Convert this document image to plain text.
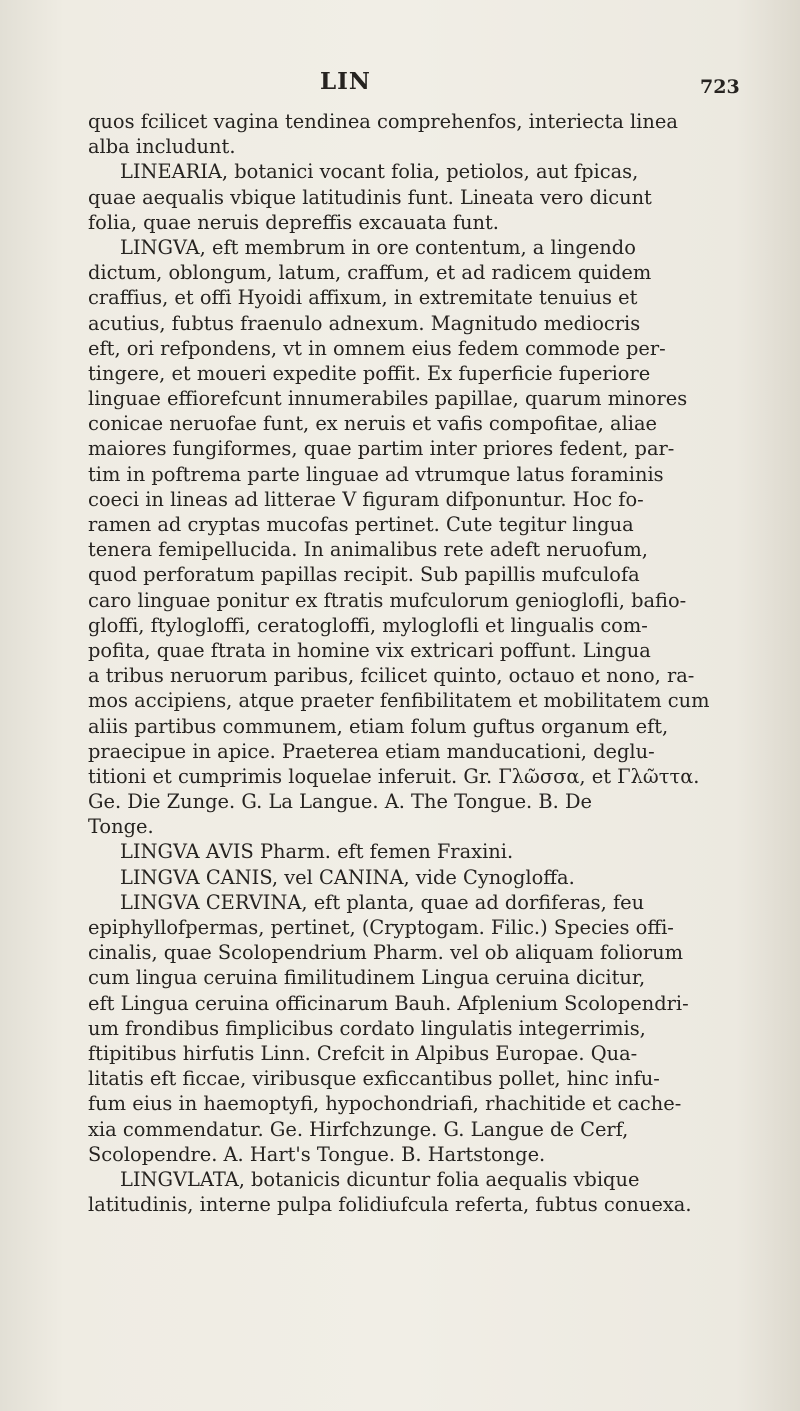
LIN	723
quos fcilicet vagina tendinea comprehenfos, interiecta linea
alba includunt.
LINEARIA, botanici vocant folia, petiolos, aut fpicas,
quae aequalis vbique latitudinis funt. Lineata vero dicunt
folia, quae neruis depreffis excauata funt.
LINGVA, eft membrum in ore contentum, a lingendo
dictum, oblongum, latum, craffum, et ad radicem quidem
craffius, et offi Hyoidi affixum, in extremitate tenuius et
acutius, fubtus fraenulo adnexum. Magnitudo mediocris
eft, ori refpondens, vt in omnem eius fedem commode per-
tingere, et moueri expedite poffit. Ex fuperficie fuperiore
linguae effiorefcunt innumerabiles papillae, quarum minores
conicae neruofae funt, ex neruis et vafis compofitae, aliae
maiores fungiformes, quae partim inter priores fedent, par-
tim in poftrema parte linguae ad vtrumque latus foraminis
coeci in lineas ad litterae V figuram difponuntur. Hoc fo-
ramen ad cryptas mucofas pertinet. Cute tegitur lingua
tenera femipellucida. In animalibus rete adeft neruofum,
quod perforatum papillas recipit. Sub papillis mufculofa
caro linguae ponitur ex ftratis mufculorum genioglofli, bafio-
gloffi, ftylogloffi, ceratogloffi, myloglofli et lingualis com-
pofita, quae ftrata in homine vix extricari poffunt. Lingua
a tribus neruorum paribus, fcilicet quinto, octauo et nono, ra-
mos accipiens, atque praeter fenfibilitatem et mobilitatem cum
aliis partibus communem, etiam folum guftus organum eft,
praecipue in apice. Praeterea etiam manducationi, deglu-
titioni et cumprimis loquelae inferuit. Gr. Γλῶσσα, et Γλῶττα.
Ge. Die Zunge. G. La Langue. A. The Tongue. B. De
Tonge.
LINGVA AVIS Pharm. eft femen Fraxini.
LINGVA CANIS, vel CANINA, vide Cynogloffa.
LINGVA CERVINA, eft planta, quae ad dorfiferas, feu
epiphyllofpermas, pertinet, (Cryptogam. Filic.) Species offi-
cinalis, quae Scolopendrium Pharm. vel ob aliquam foliorum
cum lingua ceruina fimilitudinem Lingua ceruina dicitur,
eft Lingua ceruina officinarum Bauh. Afplenium Scolopendri-
um frondibus fimplicibus cordato lingulatis integerrimis,
ftipitibus hirfutis Linn. Crefcit in Alpibus Europae. Qua-
litatis eft ficcae, viribusque exficcantibus pollet, hinc infu-
fum eius in haemoptyfi, hypochondriafi, rhachitide et cache-
xia commendatur. Ge. Hirfchzunge. G. Langue de Cerf,
Scolopendre. A. Hart's Tongue. B. Hartstonge.
LINGVLATA, botanicis dicuntur folia aequalis vbique
latitudinis, interne pulpa folidiufcula referta, fubtus conuexa.
